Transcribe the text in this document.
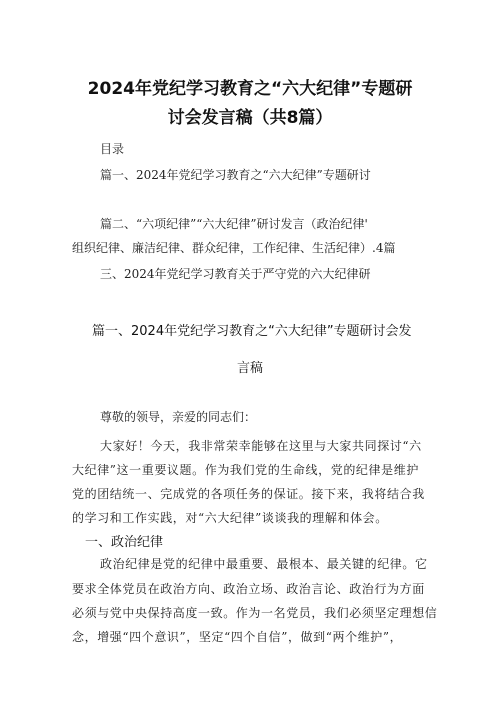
2024年党纪学习教育之“六大纪律”专题研
讨会发言稿（共8篇）
目录
篇一、2024年党纪学习教育之“六大纪律”专题研讨
篇二、“六项纪律”“六大纪律”研讨发言（政治纪律'
组织纪律、廉洁纪律、群众纪律，工作纪律、生活纪律）.4篇
三、2024年党纪学习教育关于严守党的六大纪律研
篇一、2024年党纪学习教育之“六大纪律”专题研讨会发
言稿
尊敬的领导，亲爱的同志们：
大家好！今天，我非常荣幸能够在这里与大家共同探讨“六
大纪律”这一重要议题。作为我们党的生命线，党的纪律是维护
党的团结统一、完成党的各项任务的保证。接下来，我将结合我
的学习和工作实践，对“六大纪律”谈谈我的理解和体会。
一、政治纪律
政治纪律是党的纪律中最重要、最根本、最关键的纪律。它
要求全体党员在政治方向、政治立场、政治言论、政治行为方面
必须与党中央保持高度一致。作为一名党员，我们必须坚定理想信
念，增强“四个意识”，坚定“四个自信”，做到“两个维护”，
